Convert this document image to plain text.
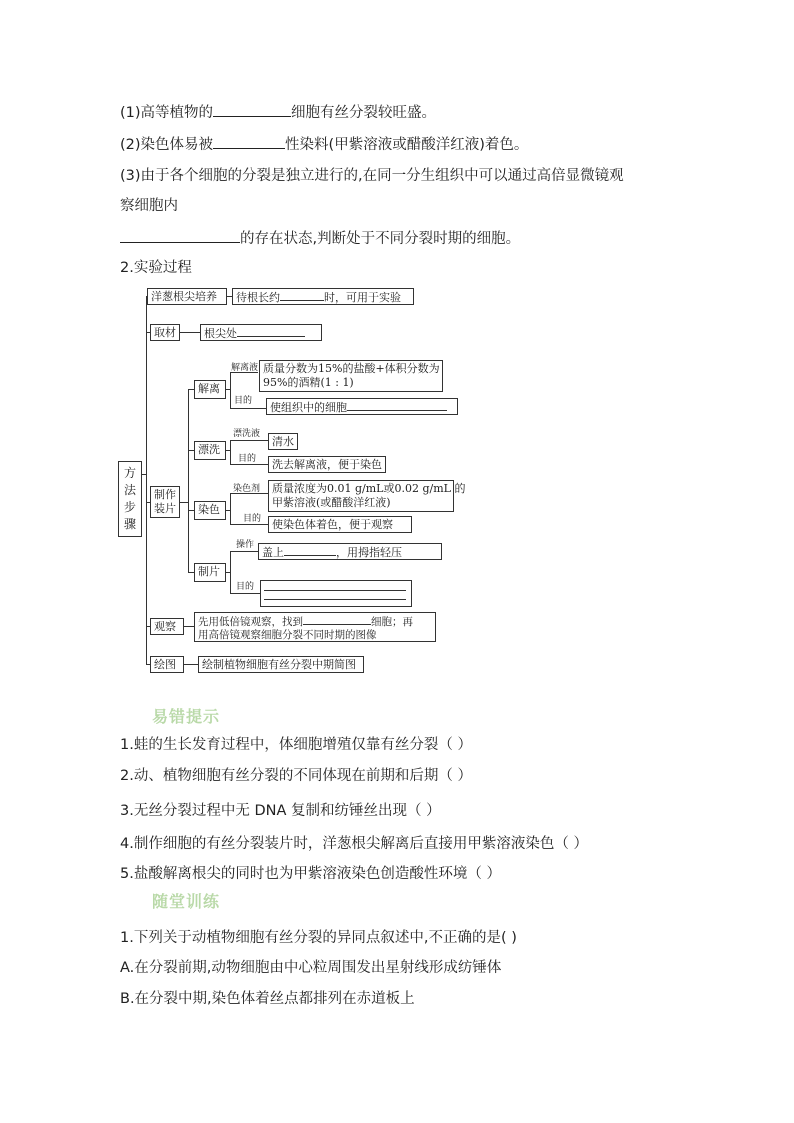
(1)高等植物的	细胞有丝分裂较旺盛。
(2)染色体易被	性染料(甲紫溶液或醋酸洋红液)着色。
(3)由于各个细胞的分裂是独立进行的,在同一分生组织中可以通过高倍显微镜观
察细胞内
的存在状态,判断处于不同分裂时期的细胞。
2.实验过程
方
法
步
骤
洋葱根尖培养	待根长约	时，可用于实验
取材	根尖处
制作
装片
解离
解离液 质量分数为15%的盐酸+体积分数为
95%的酒精(1 : 1)
目的	使组织中的细胞
漂洗
漂洗液
清水
目的	洗去解离液，便于染色
染色
染色剂	质量浓度为0.01 g/mL或0.02 g/mL 的
甲紫溶液(或醋酸洋红液)
目的 使染色体着色，便于观察
制片
操作
盖上	，用拇指轻压
目的
观察	先用低倍镜观察，找到	细胞；再
用高倍镜观察细胞分裂不同时期的图像
绘图	绘制植物细胞有丝分裂中期简图
易错提示
1.蛙的生长发育过程中，体细胞增殖仅靠有丝分裂（ ）
2.动、植物细胞有丝分裂的不同体现在前期和后期（ ）
3.无丝分裂过程中无 DNA 复制和纺锤丝出现（ ）
4.制作细胞的有丝分裂装片时，洋葱根尖解离后直接用甲紫溶液染色（ ）
5.盐酸解离根尖的同时也为甲紫溶液染色创造酸性环境（ ）
随堂训练
1.下列关于动植物细胞有丝分裂的异同点叙述中,不正确的是( )
A.在分裂前期,动物细胞由中心粒周围发出星射线形成纺锤体
B.在分裂中期,染色体着丝点都排列在赤道板上
